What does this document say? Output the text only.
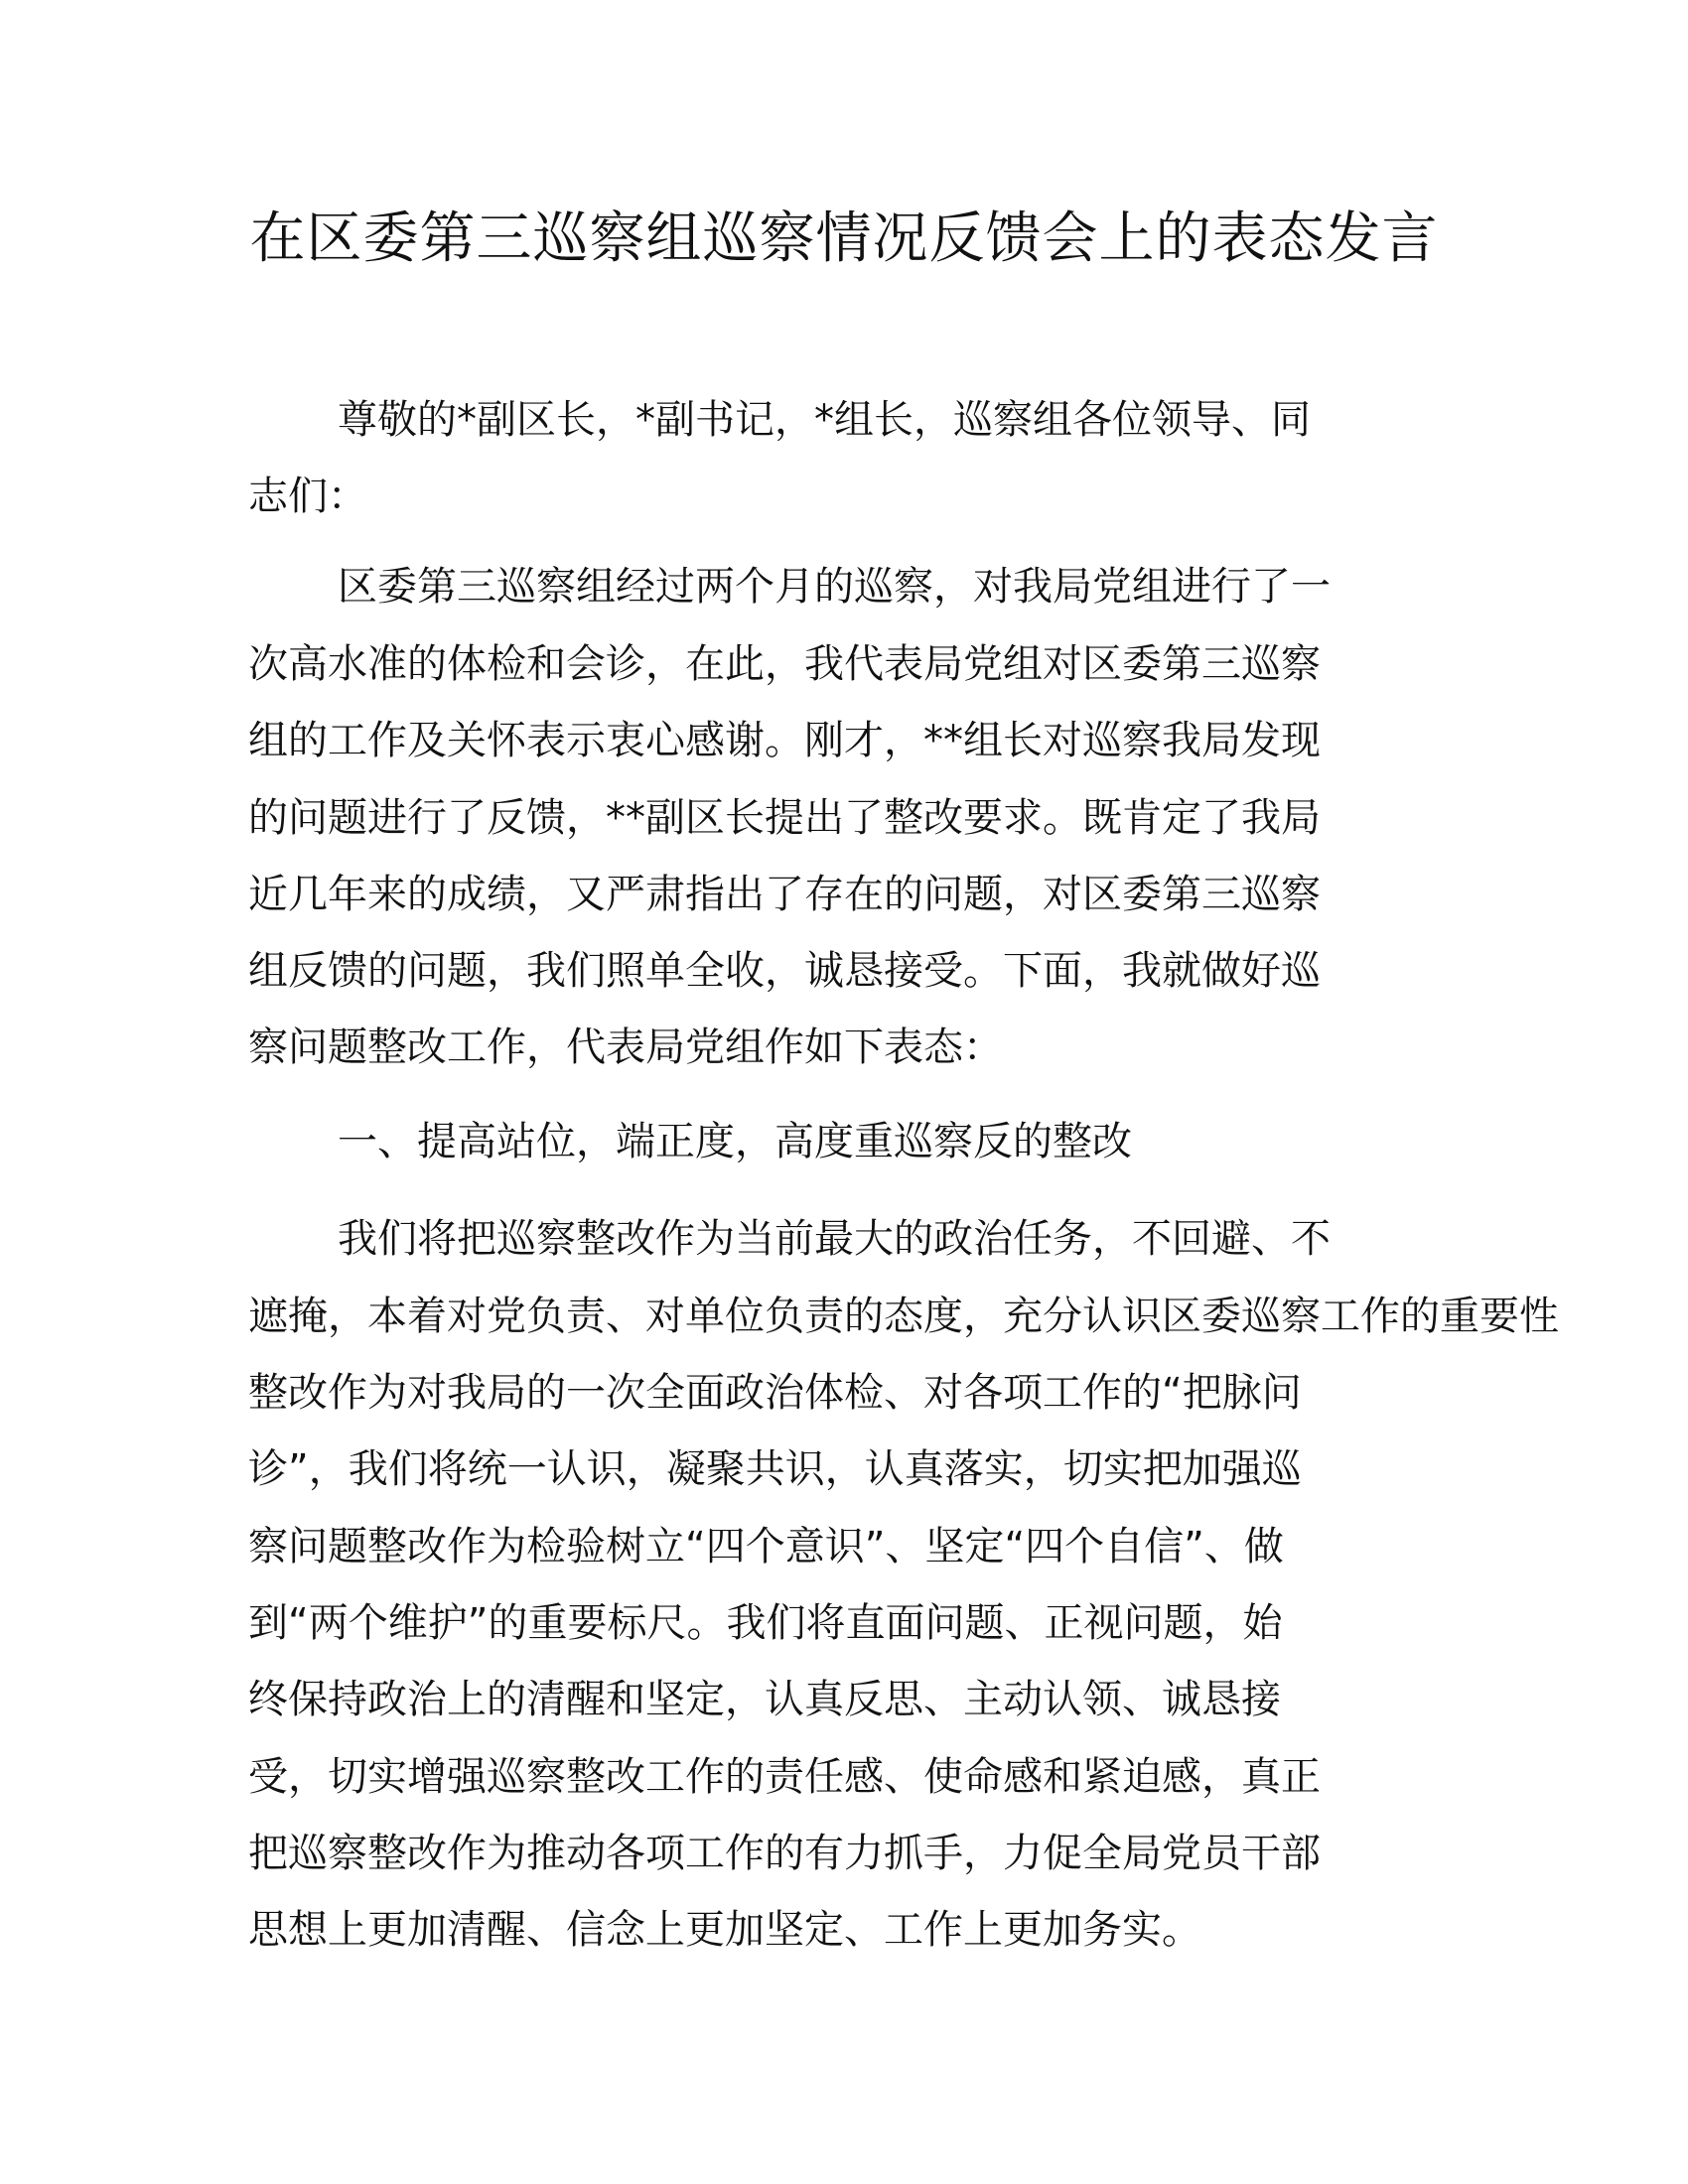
在区委第三巡察组巡察情况反馈会上的表态发言

尊敬的*副区长，*副书记，*组长，巡察组各位领导、同

志们：

区委第三巡察组经过两个月的巡察，对我局党组进行了一

次高水准的体检和会诊，在此，我代表局党组对区委第三巡察

组的工作及关怀表示衷心感谢。刚才，**组长对巡察我局发现

的问题进行了反馈，**副区长提出了整改要求。既肯定了我局

近几年来的成绩，又严肃指出了存在的问题，对区委第三巡察

组反馈的问题，我们照单全收，诚恳接受。下面，我就做好巡

察问题整改工作，代表局党组作如下表态：

一、提高站位，端正度，高度重巡察反的整改

我们将把巡察整改作为当前最大的政治任务，不回避、不

遮掩，本着对党负责、对单位负责的态度，充分认识区委巡察工作的重要性

整改作为对我局的一次全面政治体检、对各项工作的“把脉问

诊”，我们将统一认识，凝聚共识，认真落实，切实把加强巡

察问题整改作为检验树立“四个意识”、坚定“四个自信”、做

到“两个维护”的重要标尺。我们将直面问题、正视问题，始

终保持政治上的清醒和坚定，认真反思、主动认领、诚恳接

受，切实增强巡察整改工作的责任感、使命感和紧迫感，真正

把巡察整改作为推动各项工作的有力抓手，力促全局党员干部

思想上更加清醒、信念上更加坚定、工作上更加务实。
